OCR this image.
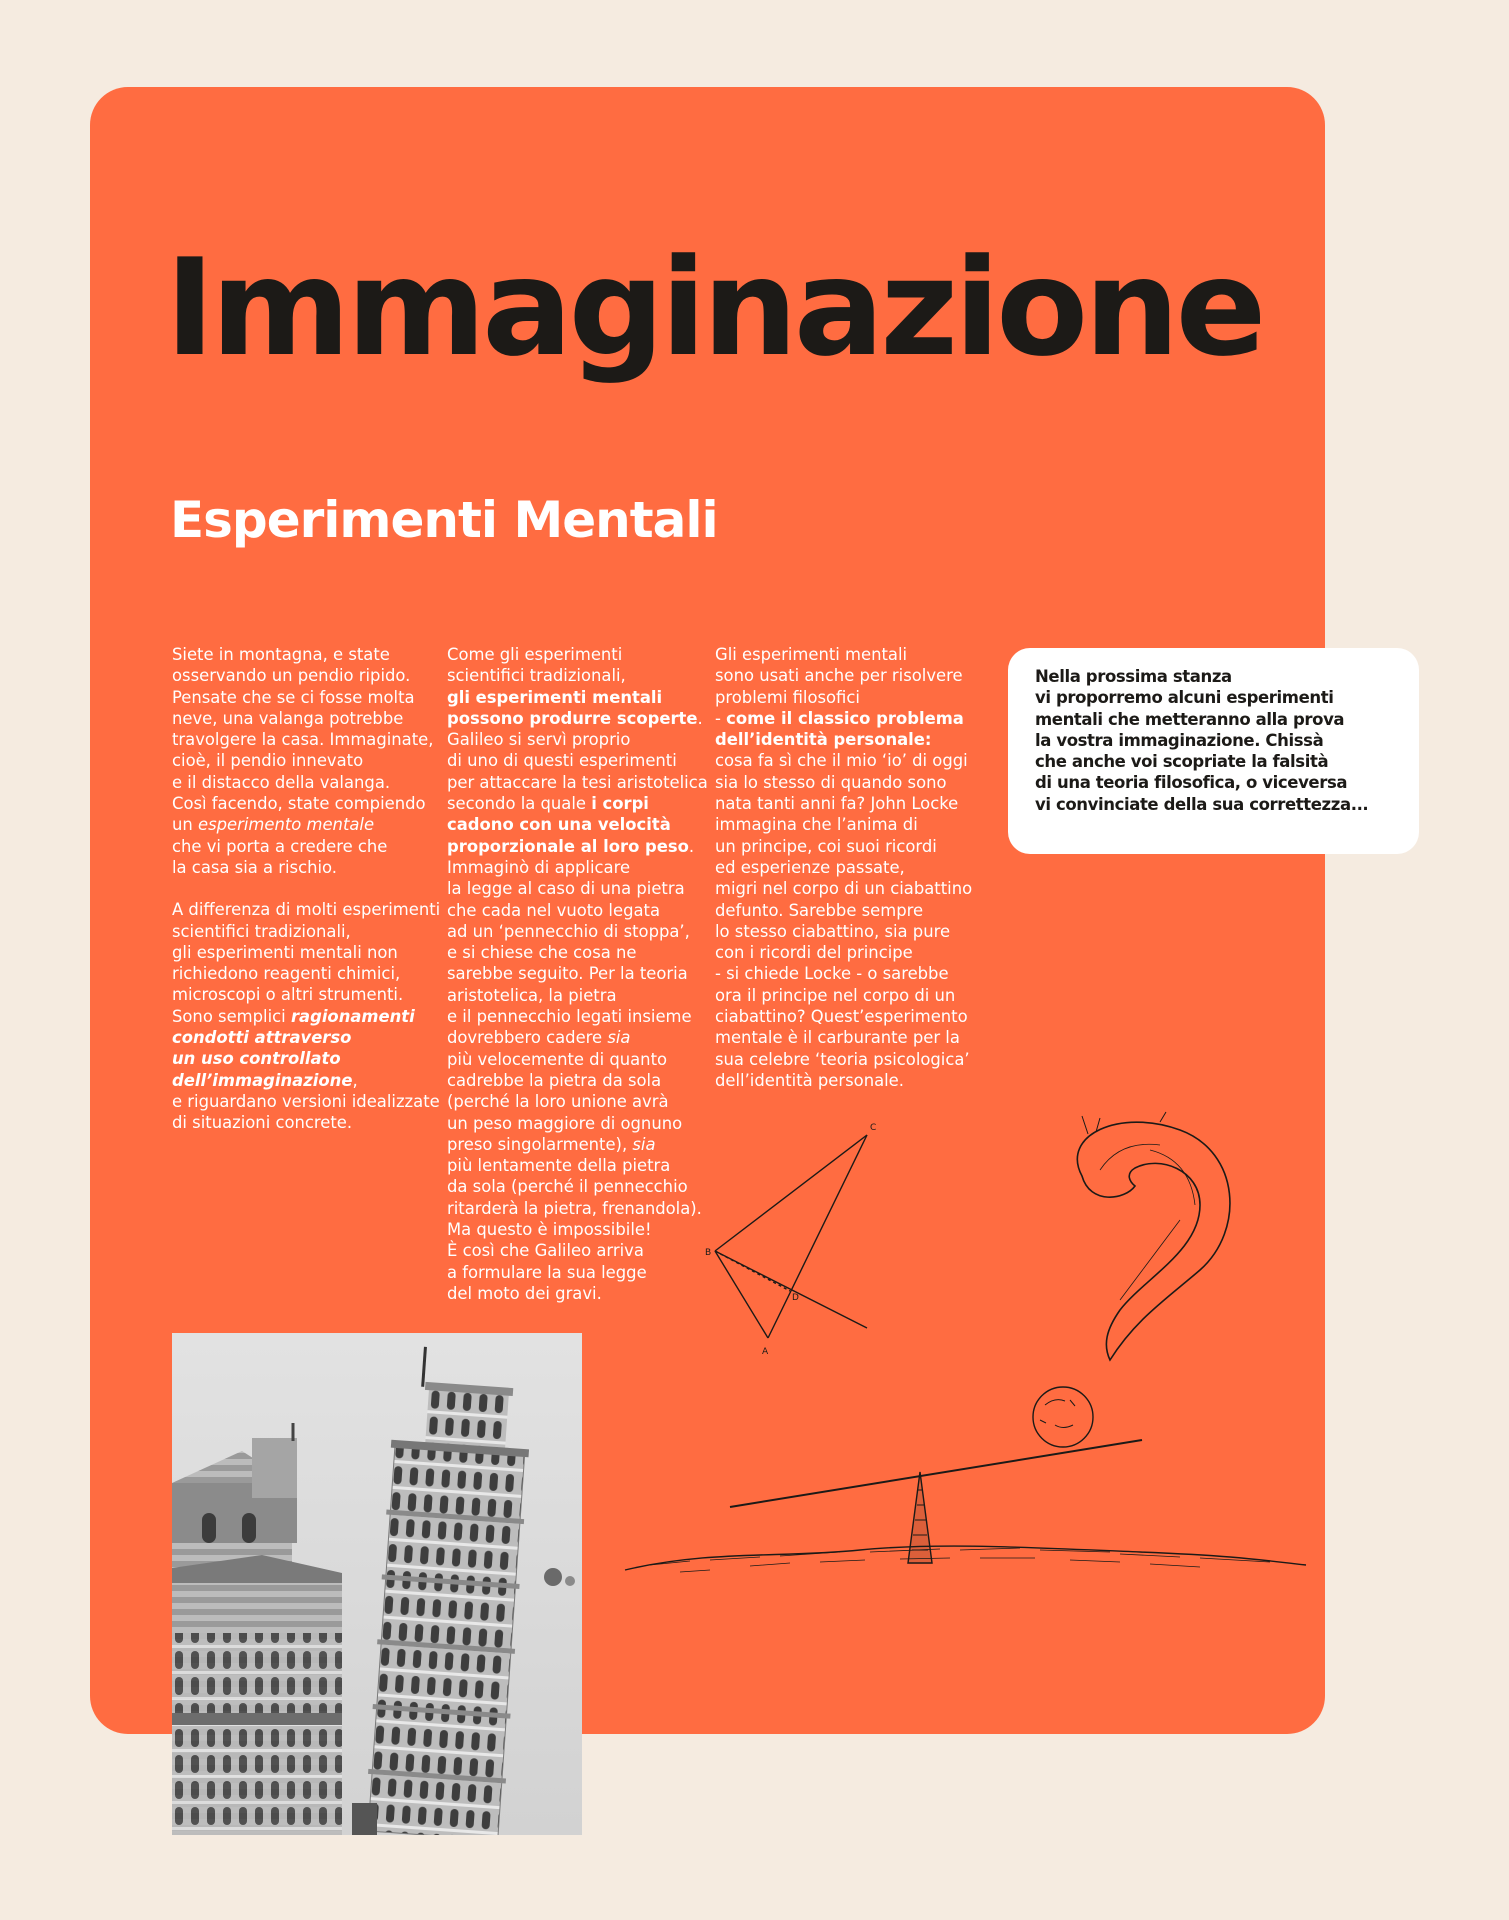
Immaginazione
Esperimenti Mentali

Siete in montagna, e state

osservando un pendio ripido.

Pensate che se ci fosse molta

neve, una valanga potrebbe

travolgere la casa. Immaginate,

cioè, il pendio innevato

e il distacco della valanga.

Così facendo, state compiendo

un esperimento mentale

che vi porta a credere che

la casa sia a rischio.

A differenza di molti esperimenti

scientifici tradizionali,

gli esperimenti mentali non

richiedono reagenti chimici,

microscopi o altri strumenti.

Sono semplici ragionamenti

condotti attraverso

un uso controllato

dell’immaginazione,

e riguardano versioni idealizzate

di situazioni concrete.

Come gli esperimenti

scientifici tradizionali,

gli esperimenti mentali

possono produrre scoperte.

Galileo si servì proprio

di uno di questi esperimenti

per attaccare la tesi aristotelica

secondo la quale i corpi

cadono con una velocità

proporzionale al loro peso.

Immaginò di applicare

la legge al caso di una pietra

che cada nel vuoto legata

ad un ‘pennecchio di stoppa’,

e si chiese che cosa ne

sarebbe seguito. Per la teoria

aristotelica, la pietra

e il pennecchio legati insieme

dovrebbero cadere sia

più velocemente di quanto

cadrebbe la pietra da sola

(perché la loro unione avrà

un peso maggiore di ognuno

preso singolarmente), sia

più lentamente della pietra

da sola (perché il pennecchio

ritarderà la pietra, frenandola).

Ma questo è impossibile!

È così che Galileo arriva

a formulare la sua legge

del moto dei gravi.

Gli esperimenti mentali

sono usati anche per risolvere

problemi filosofici

- come il classico problema

dell’identità personale:

cosa fa sì che il mio ‘io’ di oggi

sia lo stesso di quando sono

nata tanti anni fa? John Locke

immagina che l’anima di

un principe, coi suoi ricordi

ed esperienze passate,

migri nel corpo di un ciabattino

defunto. Sarebbe sempre

lo stesso ciabattino, sia pure

con i ricordi del principe

- si chiede Locke - o sarebbe

ora il principe nel corpo di un

ciabattino? Quest’esperimento

mentale è il carburante per la

sua celebre ‘teoria psicologica’

dell’identità personale.

Nella prossima stanza
vi proporremo alcuni esperimenti
mentali che metteranno alla prova
la vostra immaginazione. Chissà
che anche voi scopriate la falsità
di una teoria filosofica, o viceversa
vi convinciate della sua correttezza...
A
B
C
D
